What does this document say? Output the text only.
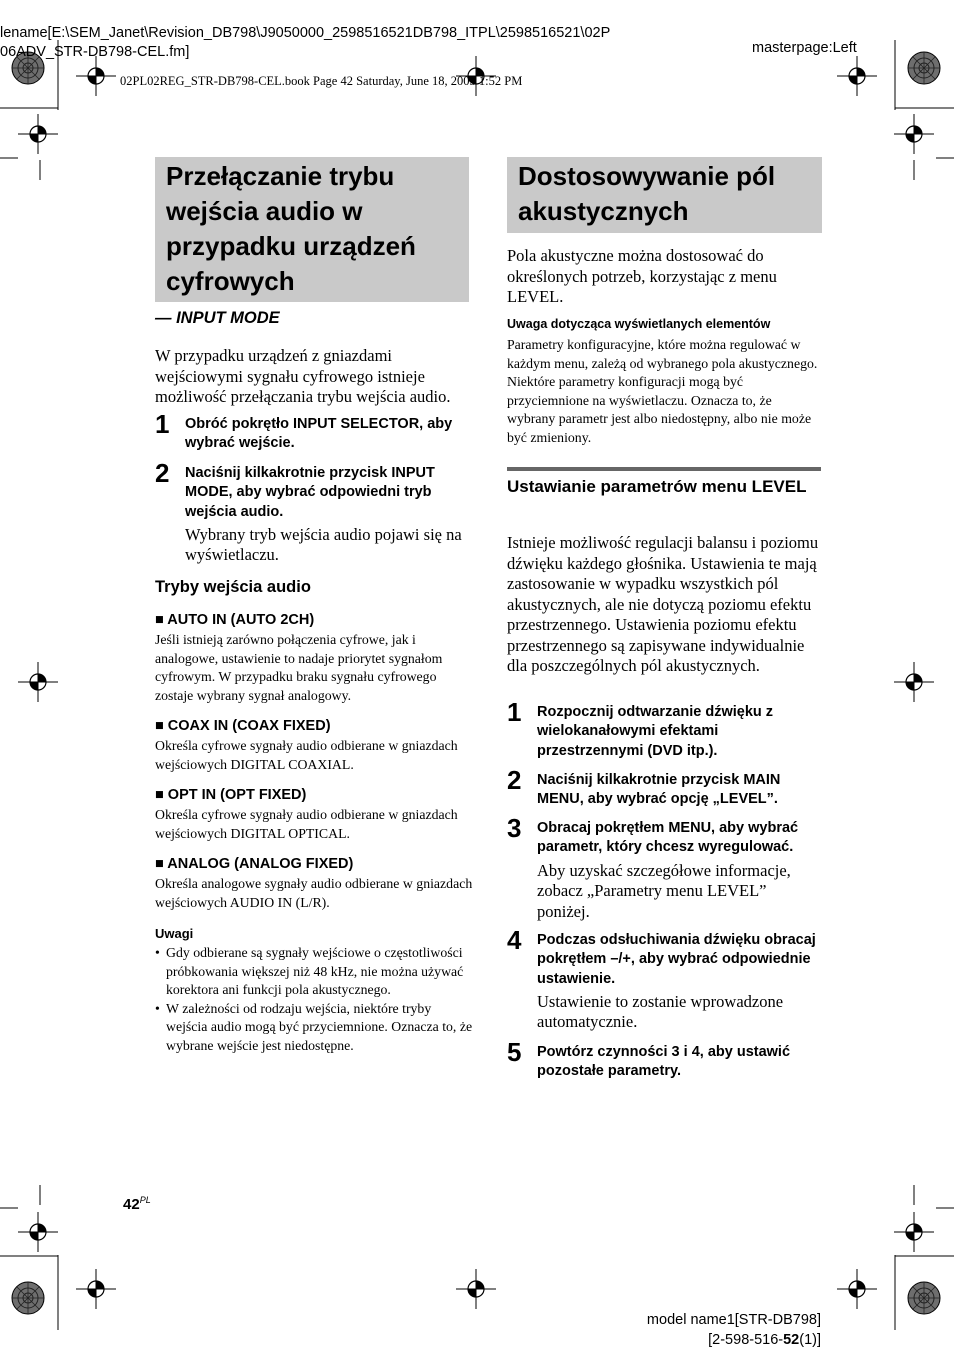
lename[E:\SEM_Janet\Revision_DB798\J9050000_2598516521DB798_ITPL\2598516521\02P
06ADV_STR-DB798-CEL.fm]	masterpage:Left
02PL02REG_STR-DB798-CEL.book Page 42 Saturday, June 18, 2005 1:52 PM
Przełączanie trybu wejścia audio w przypadku urządzeń cyfrowych
— INPUT MODE

W przypadku urządzeń z gniazdami wejściowymi sygnału cyfrowego istnieje możliwość przełączania trybu wejścia audio.

1 Obróć pokrętło INPUT SELECTOR, aby wybrać wejście.
2 Naciśnij kilkakrotnie przycisk INPUT MODE, aby wybrać odpowiedni tryb wejścia audio.
Wybrany tryb wejścia audio pojawi się na wyświetlaczu.
Tryby wejścia audio

■ AUTO IN (AUTO 2CH)

Jeśli istnieją zarówno połączenia cyfrowe, jak i analogowe, ustawienie to nadaje priorytet sygnałom cyfrowym. W przypadku braku sygnału cyfrowego zostaje wybrany sygnał analogowy.

■ COAX IN (COAX FIXED)

Określa cyfrowe sygnały audio odbierane w gniazdach wejściowych DIGITAL COAXIAL.

■ OPT IN (OPT FIXED)

Określa cyfrowe sygnały audio odbierane w gniazdach wejściowych DIGITAL OPTICAL.

■ ANALOG (ANALOG FIXED)

Określa analogowe sygnały audio odbierane w gniazdach wejściowych AUDIO IN (L/R).

Uwagi
• Gdy odbierane są sygnały wejściowe o częstotliwości próbkowania większej niż 48 kHz, nie można używać korektora ani funkcji pola akustycznego.
• W zależności od rodzaju wejścia, niektóre tryby wejścia audio mogą być przyciemnione. Oznacza to, że wybrane wejście jest niedostępne.
Dostosowywanie pól akustycznych

Pola akustyczne można dostosować do określonych potrzeb, korzystając z menu LEVEL.

Uwaga dotycząca wyświetlanych elementów

Parametry konfiguracyjne, które można regulować w każdym menu, zależą od wybranego pola akustycznego. Niektóre parametry konfiguracji mogą być przyciemnione na wyświetlaczu. Oznacza to, że wybrany parametr jest albo niedostępny, albo nie może być zmieniony.

Ustawianie parametrów menu LEVEL

Istnieje możliwość regulacji balansu i poziomu dźwięku każdego głośnika. Ustawienia te mają zastosowanie w wypadku wszystkich pól akustycznych, ale nie dotyczą poziomu efektu przestrzennego. Ustawienia poziomu efektu przestrzennego są zapisywane indywidualnie dla poszczególnych pól akustycznych.

1 Rozpocznij odtwarzanie dźwięku z wielokanałowymi efektami przestrzennymi (DVD itp.).
2 Naciśnij kilkakrotnie przycisk MAIN MENU, aby wybrać opcję „LEVEL”.
3 Obracaj pokrętłem MENU, aby wybrać parametr, który chcesz wyregulować.
Aby uzyskać szczegółowe informacje, zobacz „Parametry menu LEVEL” poniżej.
4 Podczas odsłuchiwania dźwięku obracaj pokrętłem –/+, aby wybrać odpowiednie ustawienie.
Ustawienie to zostanie wprowadzone automatycznie.
5 Powtórz czynności 3 i 4, aby ustawić pozostałe parametry.
$42^{PL}$
model name1[STR-DB798]
[2-598-516-52(1)]
